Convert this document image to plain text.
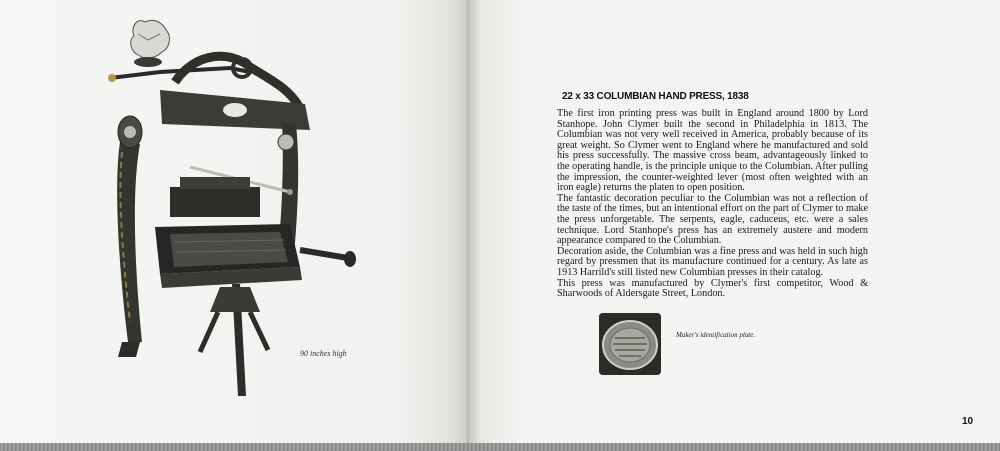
90 inches high
22 x 33 COLUMBIAN HAND PRESS, 1838

The first iron printing press was built in England around 1800 by Lord Stanhope. John Clymer built the second in Philadelphia in 1813. The Columbian was not very well received in America, probably because of its great weight. So Clymer went to England where he manufactured and sold his press successfully. The massive cross beam, advantageously linked to the operating handle, is the principle unique to the Columbian. After pulling the impression, the counter-weighted lever (most often weighted with an iron eagle) returns the platen to open position.

The fantastic decoration peculiar to the Columbian was not a reflection of the taste of the times, but an intentional effort on the part of Clymer to make the press unforgetable. The serpents, eagle, caduceus, etc. were a sales technique. Lord Stanhope's press has an extremely austere and modern appearance compared to the Columbian.

Decoration aside, the Columbian was a fine press and was held in such high regard by pressmen that its manufacture continued for a century. As late as 1913 Harrild's still listed new Columbian presses in their catalog.

This press was manufactured by Clymer's first competitor, Wood & Sharwoods of Aldersgate Street, London.

Maker's identification plate.
10
